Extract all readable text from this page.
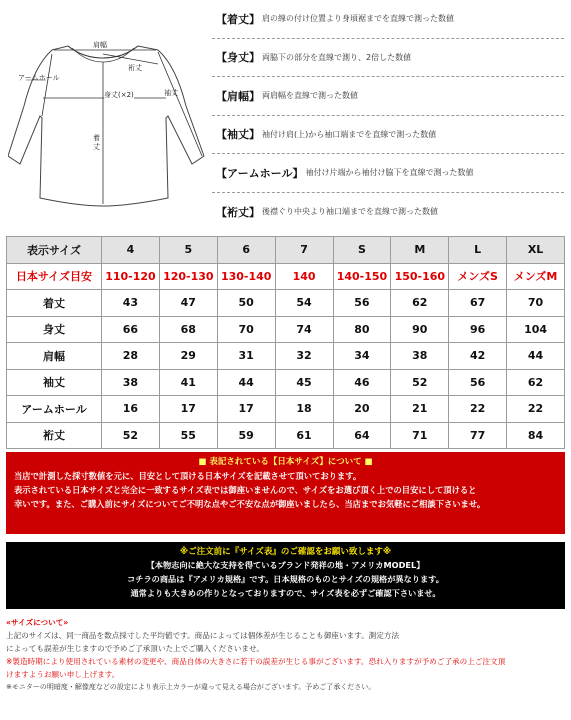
肩幅
裄丈
袖丈
アームホール
身丈(×2)
着
丈
【着丈】 肩の線の付け位置より身頃裾までを直線で測った数値
【身丈】 両脇下の部分を直線で測り、2倍した数値
【肩幅】 両肩幅を直線で測った数値
【袖丈】 袖付け肩(上)から袖口端までを直線で測った数値
【アームホール】 袖付け片端から袖付け脇下を直線で測った数値
【裄丈】 後襟ぐり中央より袖口端までを直線で測った数値
表示サイズ	4	5	6	7	S	M	L	XL
日本サイズ目安	110-120	120-130	130-140	140	140-150	150-160	メンズS	メンズM
着丈	43	47	50	54	56	62	67	70
身丈	66	68	70	74	80	90	96	104
肩幅	28	29	31	32	34	38	42	44
袖丈	38	41	44	45	46	52	56	62
アームホール	16	17	17	18	20	21	22	22
裄丈	52	55	59	61	64	71	77	84
■ 表記されている【日本サイズ】について ■
当店で計測した採寸数値を元に、目安として頂ける日本サイズを記載させて頂いております。
表示されている日本サイズと完全に一致するサイズ表では御座いませんので、サイズをお選び頂く上での目安にして頂けると
幸いです。また、ご購入前にサイズについてご不明な点やご不安な点が御座いましたら、当店までお気軽にご相談下さいませ。
※ご注文前に『サイズ表』のご確認をお願い致します※
【本物志向に絶大な支持を得ているブランド発祥の地・アメリカMODEL】
コチラの商品は『アメリカ規格』です。日本規格のものとサイズの規格が異なります。
通常よりも大きめの作りとなっておりますので、サイズ表を必ずご確認下さいませ。
«サイズについて»
上記のサイズは、同一商品を数点採寸した平均値です。商品によっては個体差が生じることも御座います。測定方法
によっても誤差が生じますので予めご了承頂いた上でご購入くださいませ。
※製造時期により使用されている素材の変更や、商品自体の大きさに若干の誤差が生じる事がございます。恐れ入りますが予めご了承の上ご注文頂
けますようお願い申し上げます。
※モニターの明暗度・解像度などの設定により表示上カラーが違って見える場合がございます。予めご了承ください。
